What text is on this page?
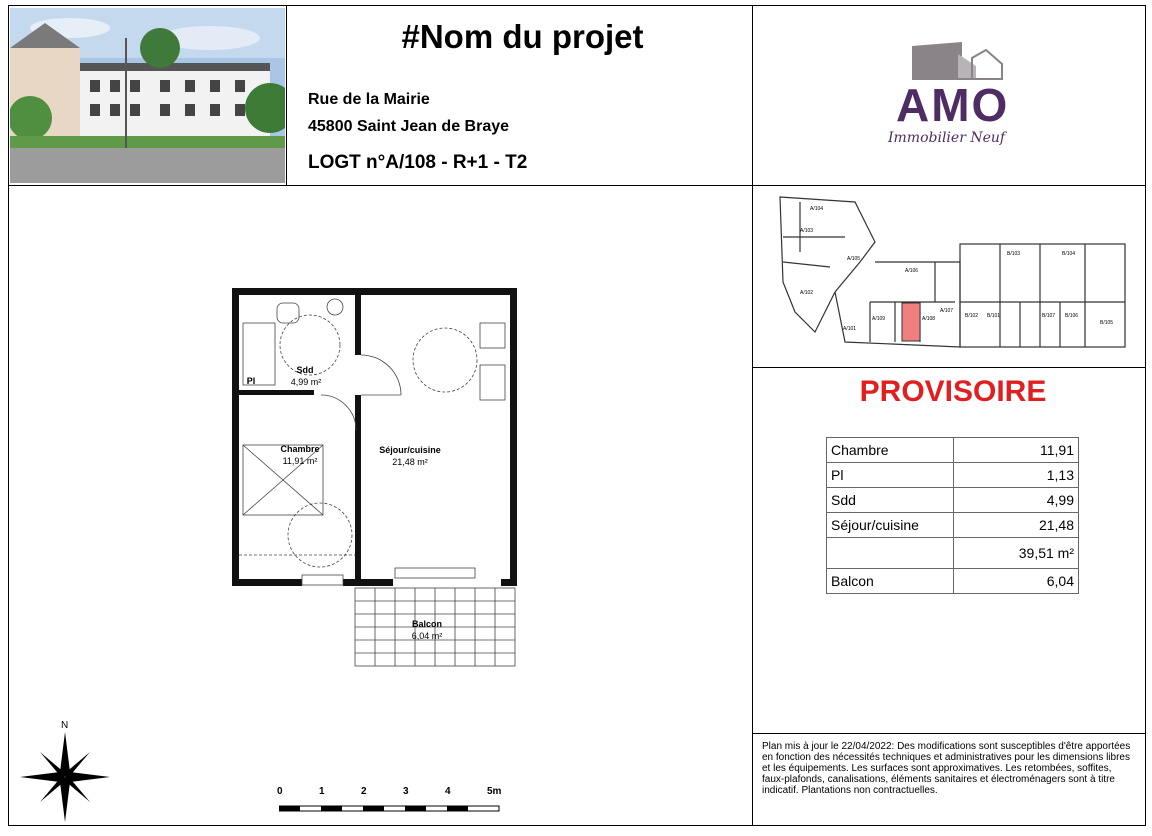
#Nom du projet
Rue de la Mairie
45800 Saint Jean de Braye
LOGT n°A/108 - R+1 - T2
AMO
Immobilier Neuf
A/104
A/103
A/105
A/106
A/102
A/101
A/109	A/108
A/107
B/103	B/104
B/102 B/101	B/107 B/106
B/105
PROVISOIRE
Chambre	11,91
Pl	1,13
Sdd	4,99
Séjour/cuisine	21,48
	39,51 m²
Balcon	6,04
Plan mis à jour le 22/04/2022: Des modifications sont susceptibles d'être apportées en fonction des nécessités techniques et administratives pour les dimensions libres et les équipements. Les surfaces sont approximatives. Les retombées, soffites, faux-plafonds, canalisations, éléments sanitaires et électroménagers sont à titre indicatif. Plantations non contractuelles.
Sdd
4,99 m²
Chambre
11,91 m²
Séjour/cuisine
21,48 m²
Balcon
6,04 m²
Pl
N
0	1	2	3	4	5m
